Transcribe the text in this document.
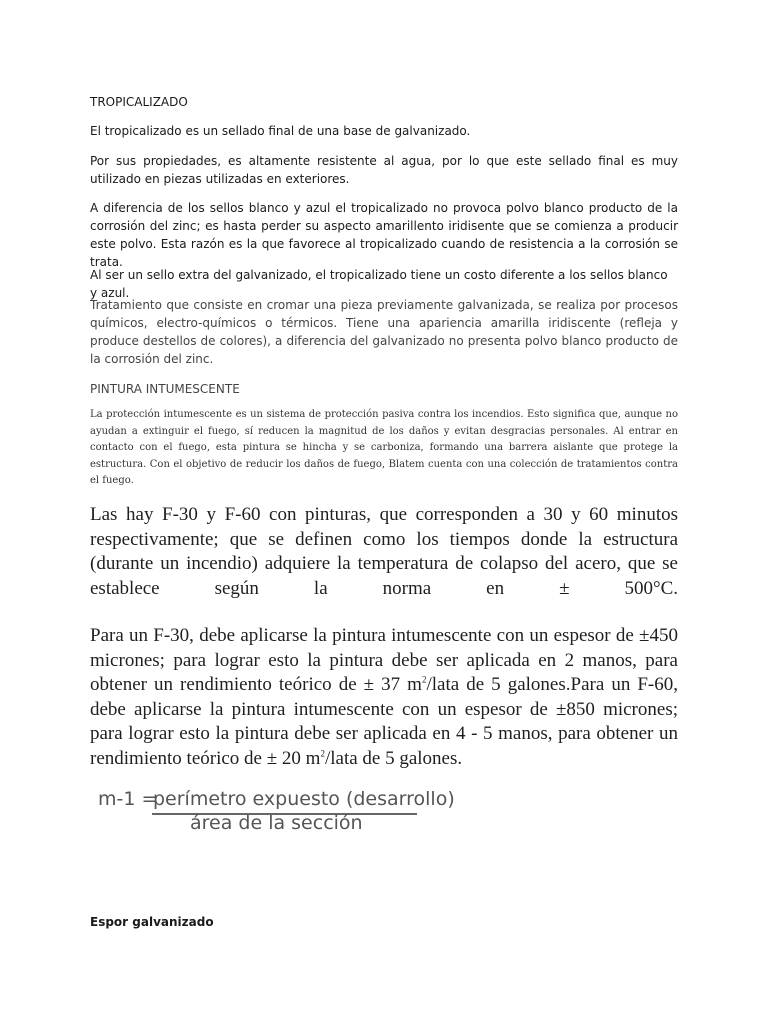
TROPICALIZADO

El tropicalizado es un sellado final de una base de galvanizado.

Por sus propiedades, es altamente resistente al agua, por lo que este sellado final es muy utilizado en piezas utilizadas en exteriores.

A diferencia de los sellos blanco y azul el tropicalizado no provoca polvo blanco producto de la corrosión del zinc; es hasta perder su aspecto amarillento iridisente que se comienza a producir este polvo. Esta razón es la que favorece al tropicalizado cuando de resistencia a la corrosión se trata.

Al ser un sello extra del galvanizado, el tropicalizado tiene un costo diferente a los sellos blanco y azul.

Tratamiento que consiste en cromar una pieza previamente galvanizada, se realiza por procesos químicos, electro-químicos o térmicos. Tiene una apariencia amarilla iridiscente (refleja y produce destellos de colores), a diferencia del galvanizado no presenta polvo blanco producto de la corrosión del zinc.

PINTURA INTUMESCENTE

La protección intumescente es un sistema de protección pasiva contra los incendios. Esto significa que, aunque no ayudan a extinguir el fuego, sí reducen la magnitud de los daños y evitan desgracias personales. Al entrar en contacto con el fuego, esta pintura se hincha y se carboniza, formando una barrera aislante que protege la estructura. Con el objetivo de reducir los daños de fuego, Blatem cuenta con una colección de tratamientos contra el fuego.

Las hay F-30 y F-60 con pinturas, que corresponden a 30 y 60 minutos respectivamente; que se definen como los tiempos donde la estructura (durante un incendio) adquiere la temperatura de colapso del acero, que se establece según la norma en ± 500°C.

Para un F-30, debe aplicarse la pintura intumescente con un espesor de ±450 micrones; para lograr esto la pintura debe ser aplicada en 2 manos, para obtener un rendimiento teórico de ± 37 $m^2$/lata de 5 galones.Para un F-60, debe aplicarse la pintura intumescente con un espesor de ±850 micrones; para lograr esto la pintura debe ser aplicada en 4 - 5 manos, para obtener un rendimiento teórico de ± 20 $m^2$/lata de 5 galones.

Espor galvanizado

m-1 =
perímetro expuesto (desarrollo)
área de la sección
